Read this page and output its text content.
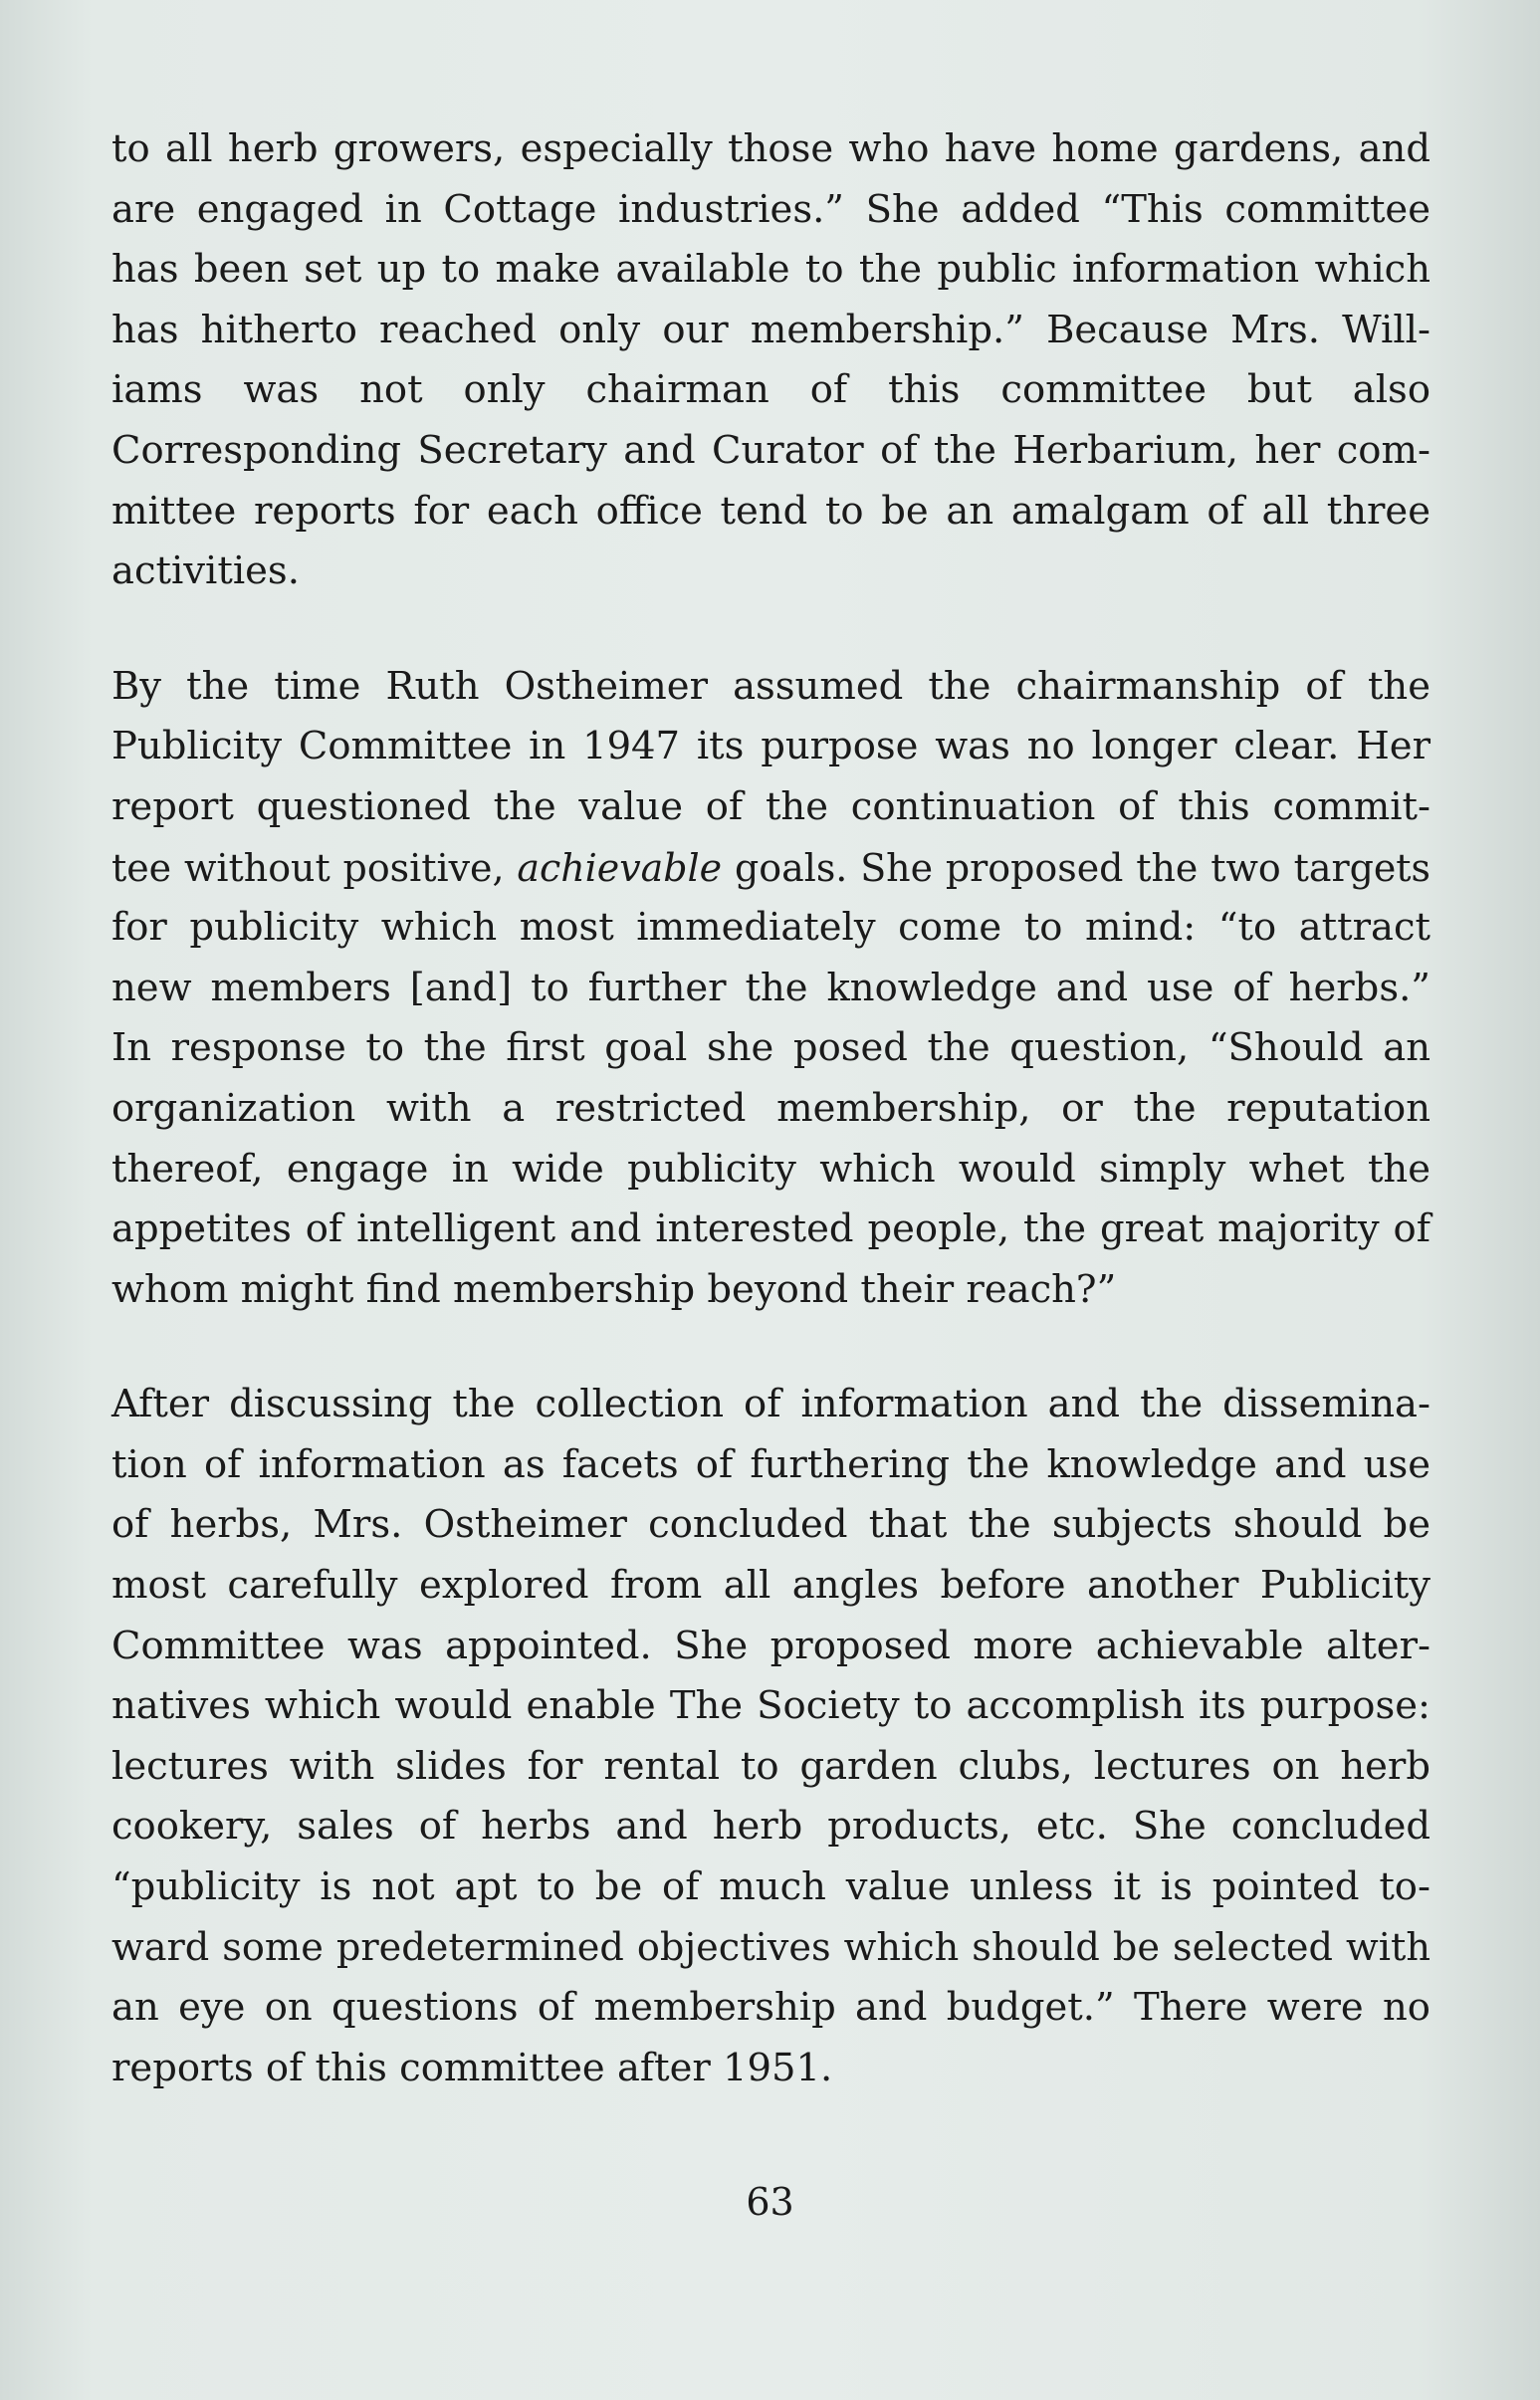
to all herb growers, especially those who have home gardens, and
are engaged in Cottage industries.” She added “This committee
has been set up to make available to the public information which
has hitherto reached only our membership.” Because Mrs. Will-
iams was not only chairman of this committee but also
Corresponding Secretary and Curator of the Herbarium, her com-
mittee reports for each office tend to be an amalgam of all three
activities.
By the time Ruth Ostheimer assumed the chairmanship of the
Publicity Committee in 1947 its purpose was no longer clear. Her
report questioned the value of the continuation of this commit-
tee without positive, achievable goals. She proposed the two targets
for publicity which most immediately come to mind: “to attract
new members [and] to further the knowledge and use of herbs.”
In response to the first goal she posed the question, “Should an
organization with a restricted membership, or the reputation
thereof, engage in wide publicity which would simply whet the
appetites of intelligent and interested people, the great majority of
whom might find membership beyond their reach?”
After discussing the collection of information and the dissemina-
tion of information as facets of furthering the knowledge and use
of herbs, Mrs. Ostheimer concluded that the subjects should be
most carefully explored from all angles before another Publicity
Committee was appointed. She proposed more achievable alter-
natives which would enable The Society to accomplish its purpose:
lectures with slides for rental to garden clubs, lectures on herb
cookery, sales of herbs and herb products, etc. She concluded
“publicity is not apt to be of much value unless it is pointed to-
ward some predetermined objectives which should be selected with
an eye on questions of membership and budget.” There were no
reports of this committee after 1951.
63
